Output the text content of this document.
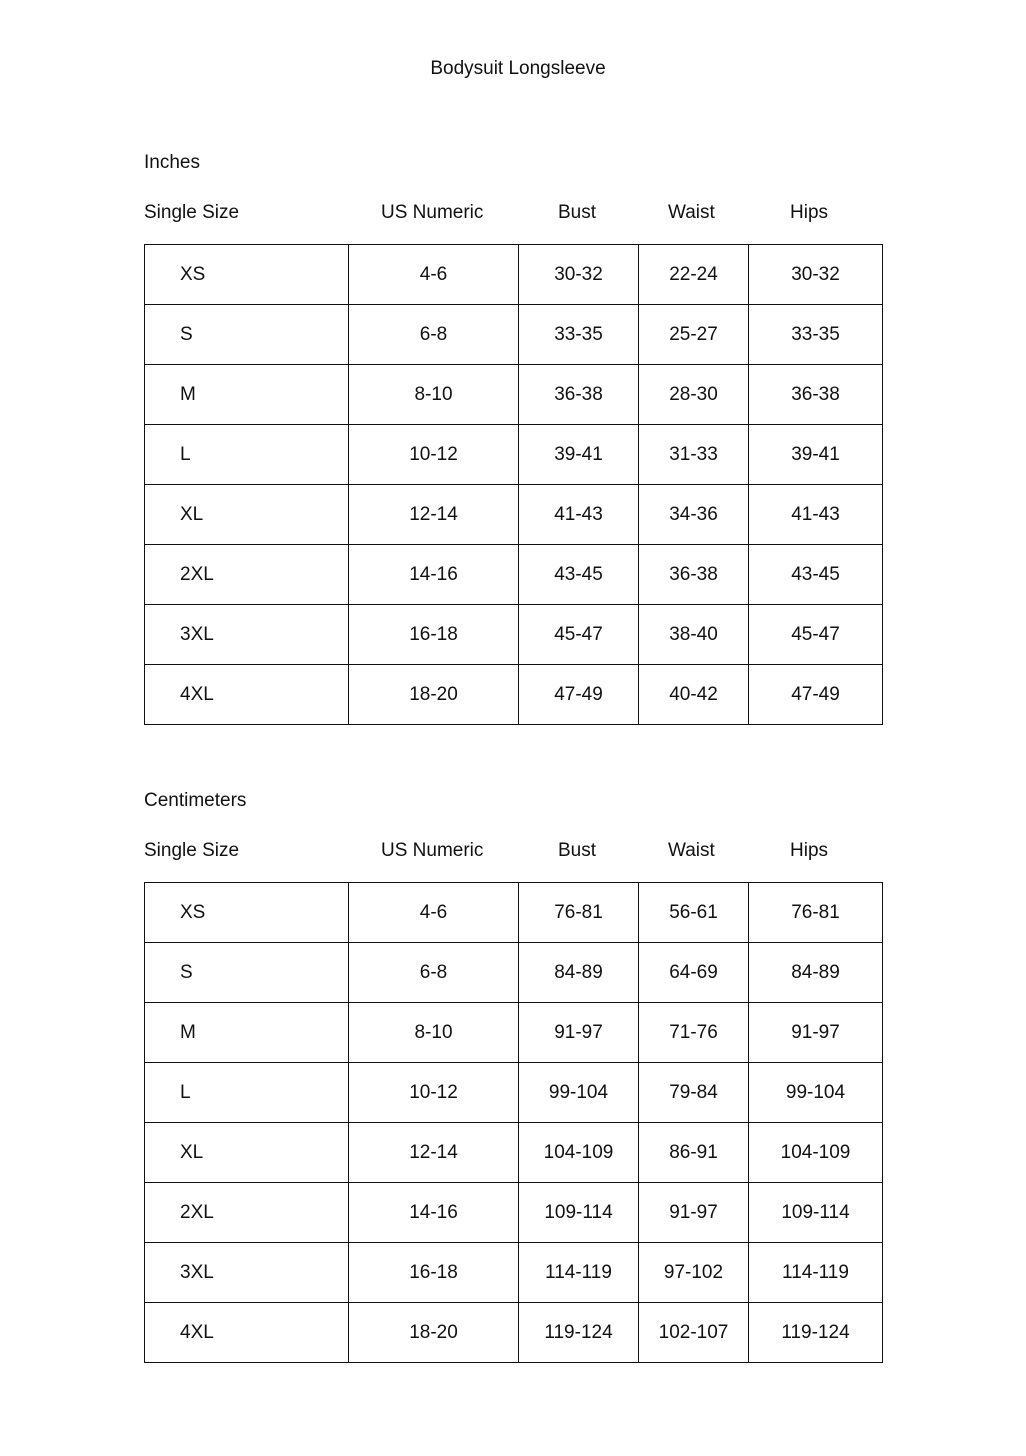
Bodysuit Longsleeve
Inches
Single Size	US Numeric	Bust	Waist	Hips
XS	4-6	30-32	22-24	30-32
S	6-8	33-35	25-27	33-35
M	8-10	36-38	28-30	36-38
L	10-12	39-41	31-33	39-41
XL	12-14	41-43	34-36	41-43
2XL	14-16	43-45	36-38	43-45
3XL	16-18	45-47	38-40	45-47
4XL	18-20	47-49	40-42	47-49
Centimeters
Single Size	US Numeric	Bust	Waist	Hips
XS	4-6	76-81	56-61	76-81
S	6-8	84-89	64-69	84-89
M	8-10	91-97	71-76	91-97
L	10-12	99-104	79-84	99-104
XL	12-14	104-109	86-91	104-109
2XL	14-16	109-114	91-97	109-114
3XL	16-18	114-119	97-102	114-119
4XL	18-20	119-124	102-107	119-124
